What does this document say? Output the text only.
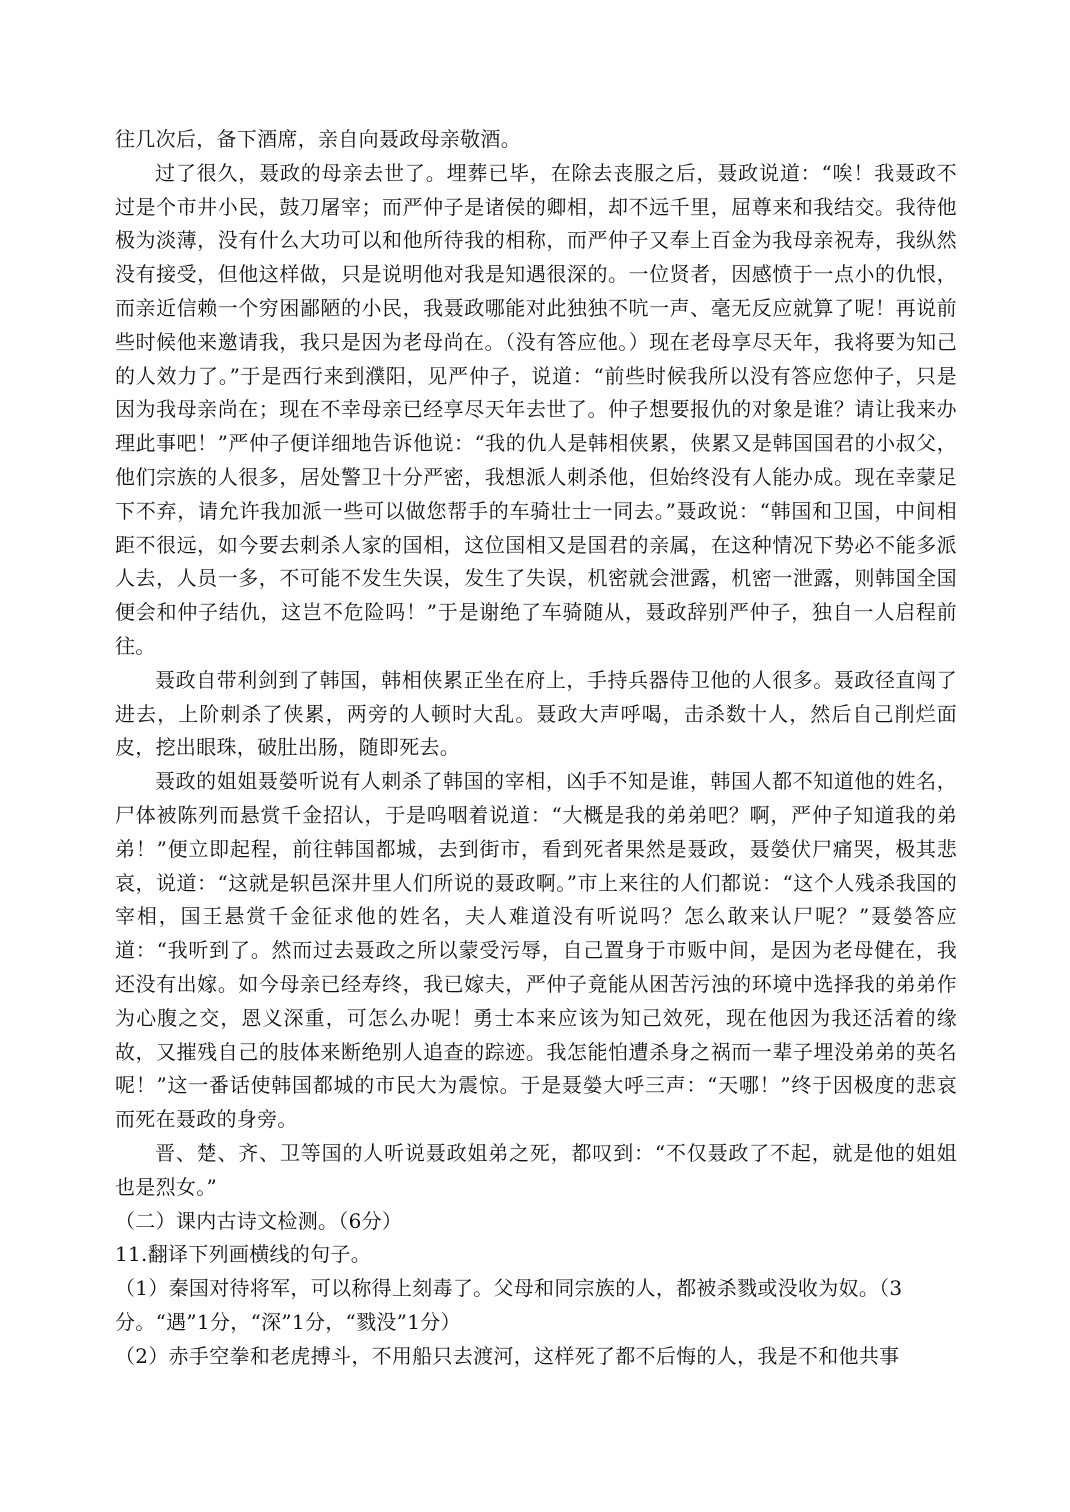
往几次后，备下酒席，亲自向聂政母亲敬酒。

过了很久，聂政的母亲去世了。埋葬已毕，在除去丧服之后，聂政说道：“唉！我聂政不过是个市井小民，鼓刀屠宰；而严仲子是诸侯的卿相，却不远千里，屈尊来和我结交。我待他极为淡薄，没有什么大功可以和他所待我的相称，而严仲子又奉上百金为我母亲祝寿，我纵然没有接受，但他这样做，只是说明他对我是知遇很深的。一位贤者，因感愤于一点小的仇恨，而亲近信赖一个穷困鄙陋的小民，我聂政哪能对此独独不吭一声、毫无反应就算了呢！再说前些时候他来邀请我，我只是因为老母尚在。（没有答应他。）现在老母享尽天年，我将要为知己的人效力了。”于是西行来到濮阳，见严仲子，说道：“前些时候我所以没有答应您仲子，只是因为我母亲尚在；现在不幸母亲已经享尽天年去世了。仲子想要报仇的对象是谁？请让我来办理此事吧！”严仲子便详细地告诉他说：“我的仇人是韩相侠累，侠累又是韩国国君的小叔父，他们宗族的人很多，居处警卫十分严密，我想派人刺杀他，但始终没有人能办成。现在幸蒙足下不弃，请允许我加派一些可以做您帮手的车骑壮士一同去。”聂政说：“韩国和卫国，中间相距不很远，如今要去刺杀人家的国相，这位国相又是国君的亲属，在这种情况下势必不能多派人去，人员一多，不可能不发生失误，发生了失误，机密就会泄露，机密一泄露，则韩国全国便会和仲子结仇，这岂不危险吗！”于是谢绝了车骑随从，聂政辞别严仲子，独自一人启程前往。

聂政自带利剑到了韩国，韩相侠累正坐在府上，手持兵器侍卫他的人很多。聂政径直闯了进去，上阶刺杀了侠累，两旁的人顿时大乱。聂政大声呼喝，击杀数十人，然后自己削烂面皮，挖出眼珠，破肚出肠，随即死去。

聂政的姐姐聂嫈听说有人刺杀了韩国的宰相，凶手不知是谁，韩国人都不知道他的姓名，尸体被陈列而悬赏千金招认，于是呜咽着说道：“大概是我的弟弟吧？啊，严仲子知道我的弟弟！”便立即起程，前往韩国都城，去到街市，看到死者果然是聂政，聂嫈伏尸痛哭，极其悲哀，说道：“这就是轵邑深井里人们所说的聂政啊。”市上来往的人们都说：“这个人残杀我国的宰相，国王悬赏千金征求他的姓名，夫人难道没有听说吗？怎么敢来认尸呢？”聂嫈答应道：“我听到了。然而过去聂政之所以蒙受污辱，自己置身于市贩中间，是因为老母健在，我还没有出嫁。如今母亲已经寿终，我已嫁夫，严仲子竟能从困苦污浊的环境中选择我的弟弟作为心腹之交，恩义深重，可怎么办呢！勇士本来应该为知己效死，现在他因为我还活着的缘故，又摧残自己的肢体来断绝别人追查的踪迹。我怎能怕遭杀身之祸而一辈子埋没弟弟的英名呢！”这一番话使韩国都城的市民大为震惊。于是聂嫈大呼三声：“天哪！”终于因极度的悲哀而死在聂政的身旁。

晋、楚、齐、卫等国的人听说聂政姐弟之死，都叹到：“不仅聂政了不起，就是他的姐姐也是烈女。”

（二）课内古诗文检测。（6分）

11.翻译下列画横线的句子。

（1）秦国对待将军，可以称得上刻毒了。父母和同宗族的人，都被杀戮或没收为奴。（3分。“遇”1分，“深”1分，“戮没”1分）

（2）赤手空拳和老虎搏斗，不用船只去渡河，这样死了都不后悔的人，我是不和他共事
